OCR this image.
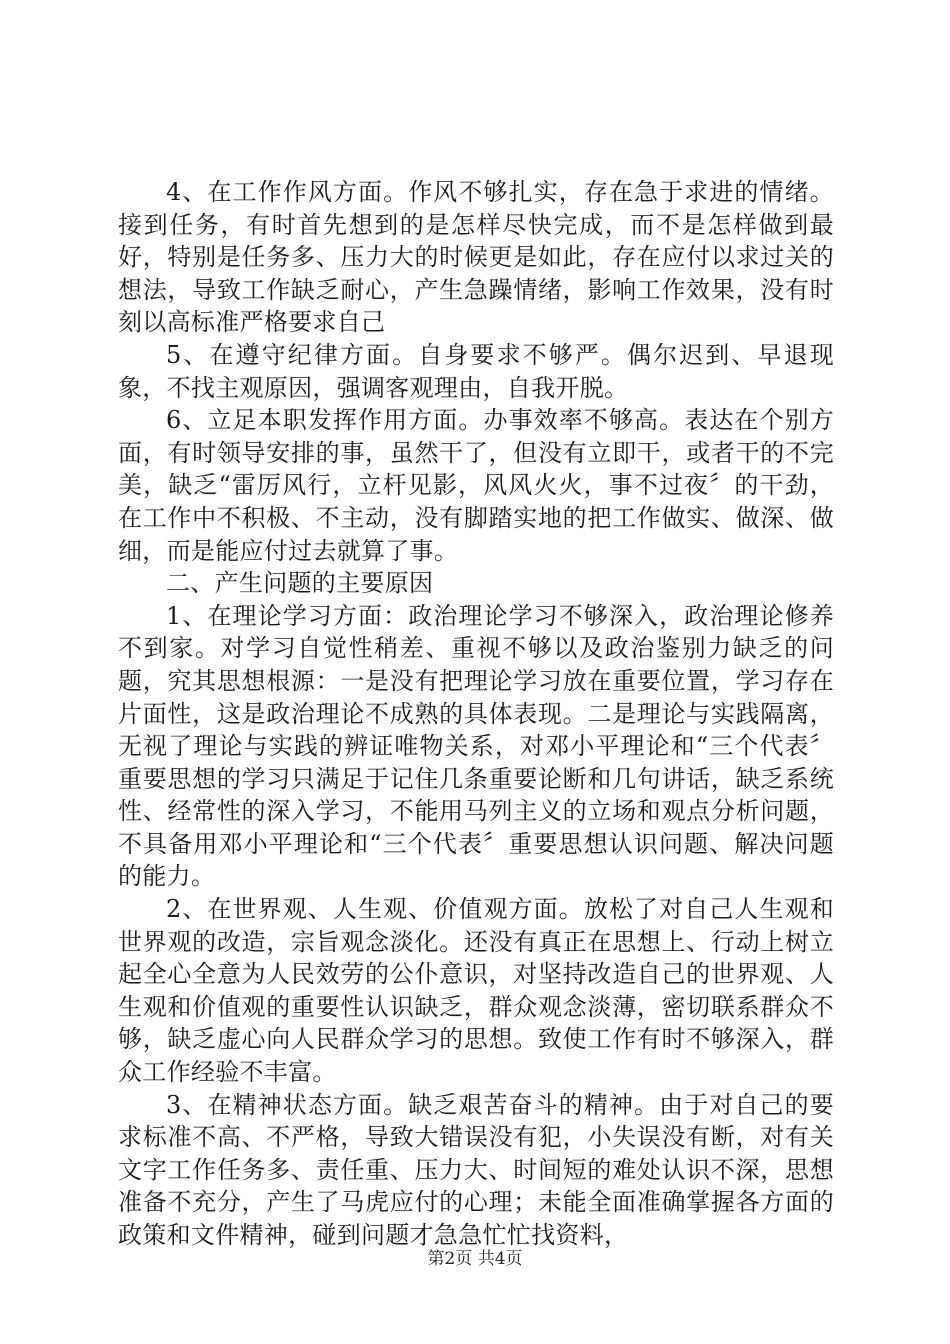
4、在工作作风方面。作风不够扎实，存在急于求进的情绪。接到任务，有时首先想到的是怎样尽快完成，而不是怎样做到最好，特别是任务多、压力大的时候更是如此，存在应付以求过关的想法，导致工作缺乏耐心，产生急躁情绪，影响工作效果，没有时刻以高标准严格要求自己

5、在遵守纪律方面。自身要求不够严。偶尔迟到、早退现象，不找主观原因，强调客观理由，自我开脱。

6、立足本职发挥作用方面。办事效率不够高。表达在个别方面，有时领导安排的事，虽然干了，但没有立即干，或者干的不完美，缺乏“雷厉风行，立杆见影，风风火火，事不过夜〞的干劲，在工作中不积极、不主动，没有脚踏实地的把工作做实、做深、做细，而是能应付过去就算了事。

二、产生问题的主要原因

1、在理论学习方面：政治理论学习不够深入，政治理论修养不到家。对学习自觉性稍差、重视不够以及政治鉴别力缺乏的问题，究其思想根源：一是没有把理论学习放在重要位置，学习存在片面性，这是政治理论不成熟的具体表现。二是理论与实践隔离，无视了理论与实践的辨证唯物关系，对邓小平理论和“三个代表〞重要思想的学习只满足于记住几条重要论断和几句讲话，缺乏系统性、经常性的深入学习，不能用马列主义的立场和观点分析问题，不具备用邓小平理论和“三个代表〞重要思想认识问题、解决问题的能力。

2、在世界观、人生观、价值观方面。放松了对自己人生观和世界观的改造，宗旨观念淡化。还没有真正在思想上、行动上树立起全心全意为人民效劳的公仆意识，对坚持改造自己的世界观、人生观和价值观的重要性认识缺乏，群众观念淡薄，密切联系群众不够，缺乏虚心向人民群众学习的思想。致使工作有时不够深入，群众工作经验不丰富。

3、在精神状态方面。缺乏艰苦奋斗的精神。由于对自己的要求标准不高、不严格，导致大错误没有犯，小失误没有断，对有关文字工作任务多、责任重、压力大、时间短的难处认识不深，思想准备不充分，产生了马虎应付的心理；未能全面准确掌握各方面的政策和文件精神，碰到问题才急急忙忙找资料，

第2页 共4页
